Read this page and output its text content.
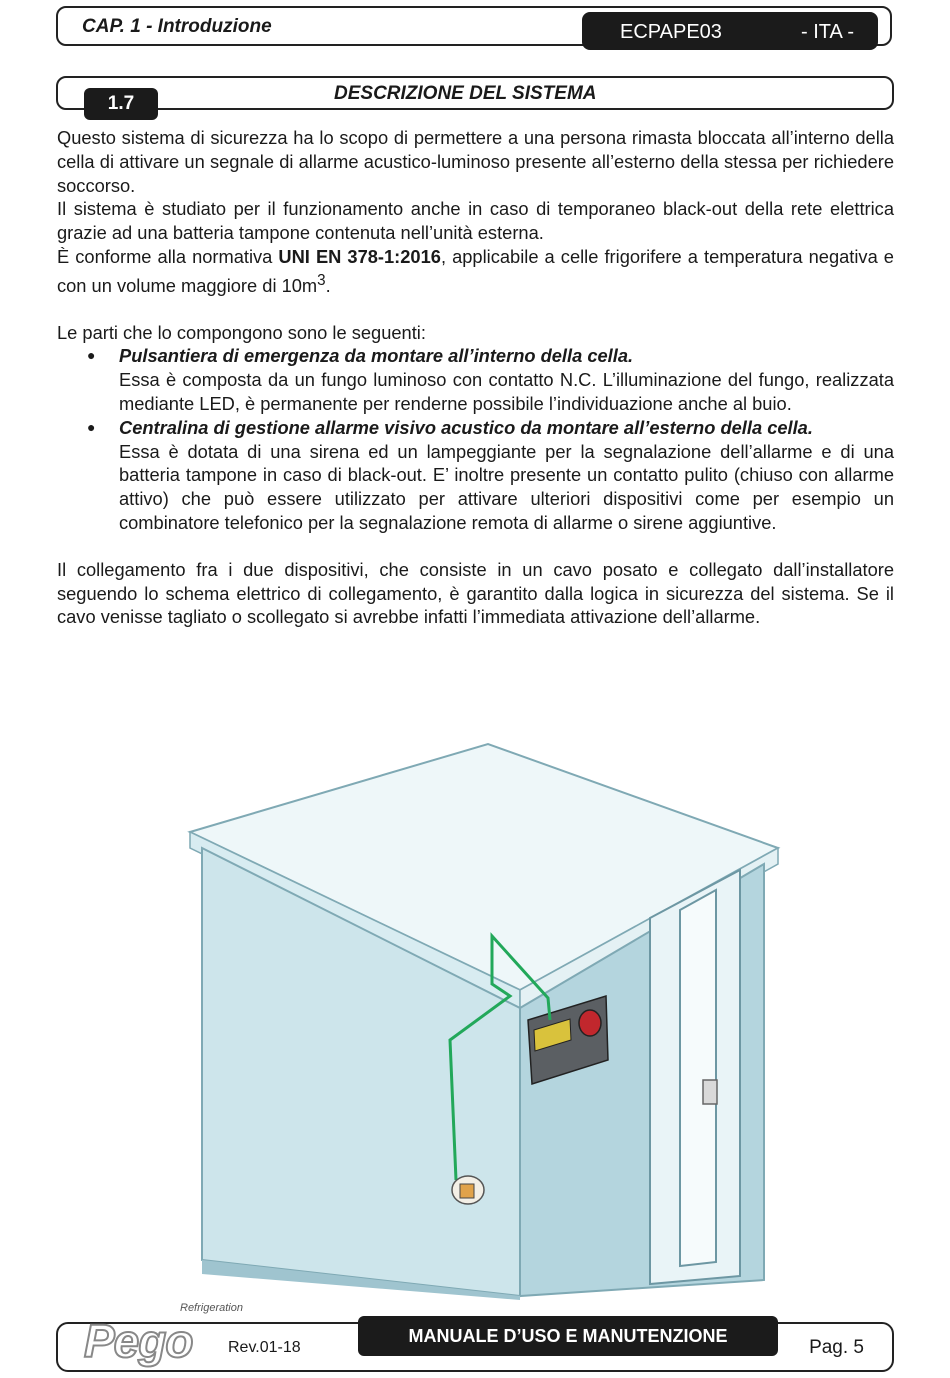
CAP. 1 - Introduzione	ECPAPE03	- ITA -
1.7	DESCRIZIONE DEL SISTEMA

Questo sistema di sicurezza ha lo scopo di permettere a una persona rimasta bloccata all’interno della cella di attivare un segnale di allarme acustico-luminoso presente all’esterno della stessa per richiedere soccorso.

Il sistema è studiato per il funzionamento anche in caso di temporaneo black-out della rete elettrica grazie ad una batteria tampone contenuta nell’unità esterna.

È conforme alla normativa UNI EN 378-1:2016, applicabile a celle frigorifere a temperatura negativa e con un volume maggiore di $10m^3$.

Le parti che lo compongono sono le seguenti:

● Pulsantiera di emergenza da montare all’interno della cella.
Essa è composta da un fungo luminoso con contatto N.C. L’illuminazione del fungo, realizzata mediante LED, è permanente per renderne possibile l’individuazione anche al buio.
● Centralina di gestione allarme visivo acustico da montare all’esterno della cella.
Essa è dotata di una sirena ed un lampeggiante per la segnalazione dell’allarme e di una batteria tampone in caso di black-out. E’ inoltre presente un contatto pulito (chiuso con allarme attivo) che può essere utilizzato per attivare ulteriori dispositivi come per esempio un combinatore telefonico per la segnalazione remota di allarme o sirene aggiuntive.

Il collegamento fra i due dispositivi, che consiste in un cavo posato e collegato dall’installatore seguendo lo schema elettrico di collegamento, è garantito dalla logica in sicurezza del sistema. Se il cavo venisse tagliato o scollegato si avrebbe infatti l’immediata attivazione dell’allarme.

Refrigeration
Pego Rev.01-18
MANUALE D’USO E MANUTENZIONE
Pag. 5
